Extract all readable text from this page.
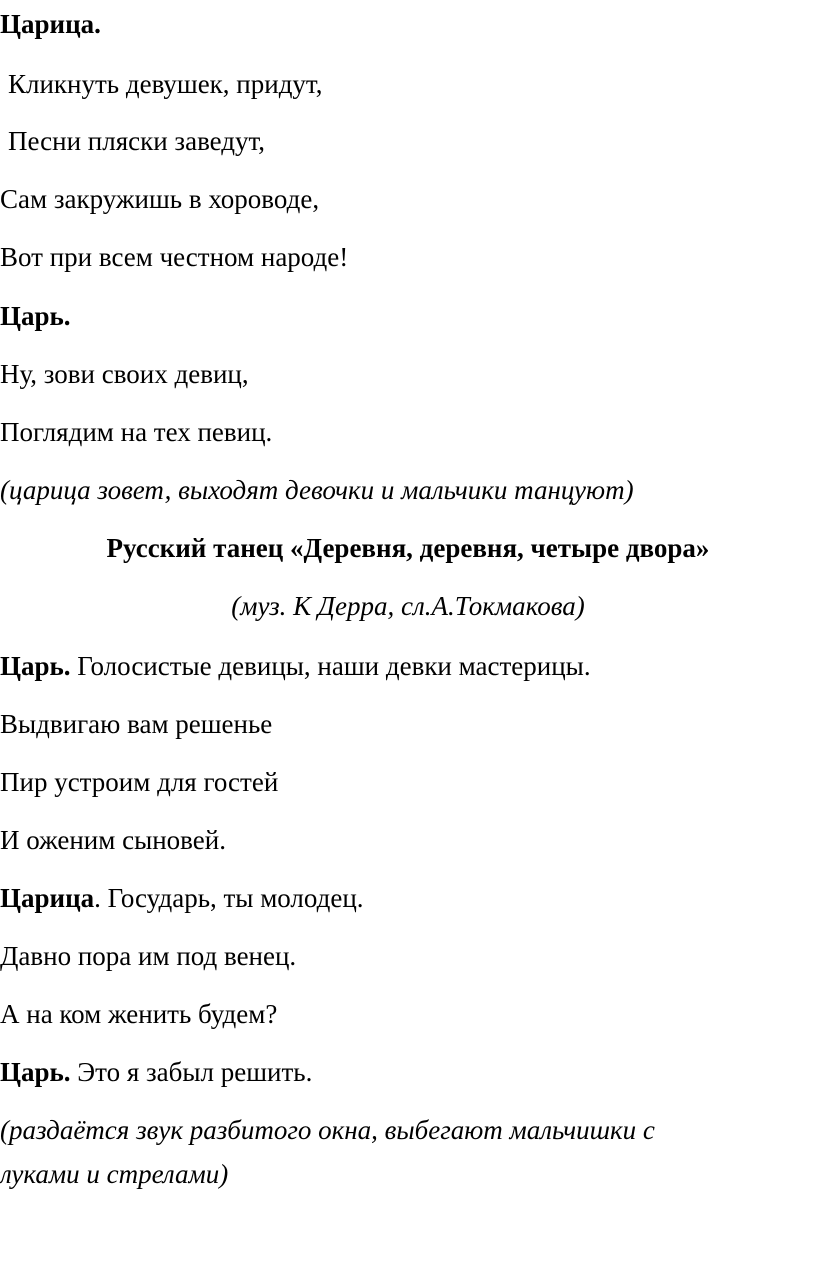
Царица.
Кликнуть девушек, придут,
Песни пляски заведут,
Сам закружишь в хороводе,
Вот при всем честном народе!
Царь.
Ну, зови своих девиц,
Поглядим на тех певиц.
(царица зовет, выходят девочки и мальчики танцуют)
Русский танец «Деревня, деревня, четыре двора»
(муз. К Дерра, сл.А.Токмакова)
Царь. Голосистые девицы, наши девки мастерицы.
Выдвигаю вам решенье
Пир устроим для гостей
И оженим сыновей.
Царица. Государь, ты молодец.
Давно пора им под венец.
А на ком женить будем?
Царь. Это я забыл решить.
(раздаётся звук разбитого окна, выбегают мальчишки с
луками и стрелами)
